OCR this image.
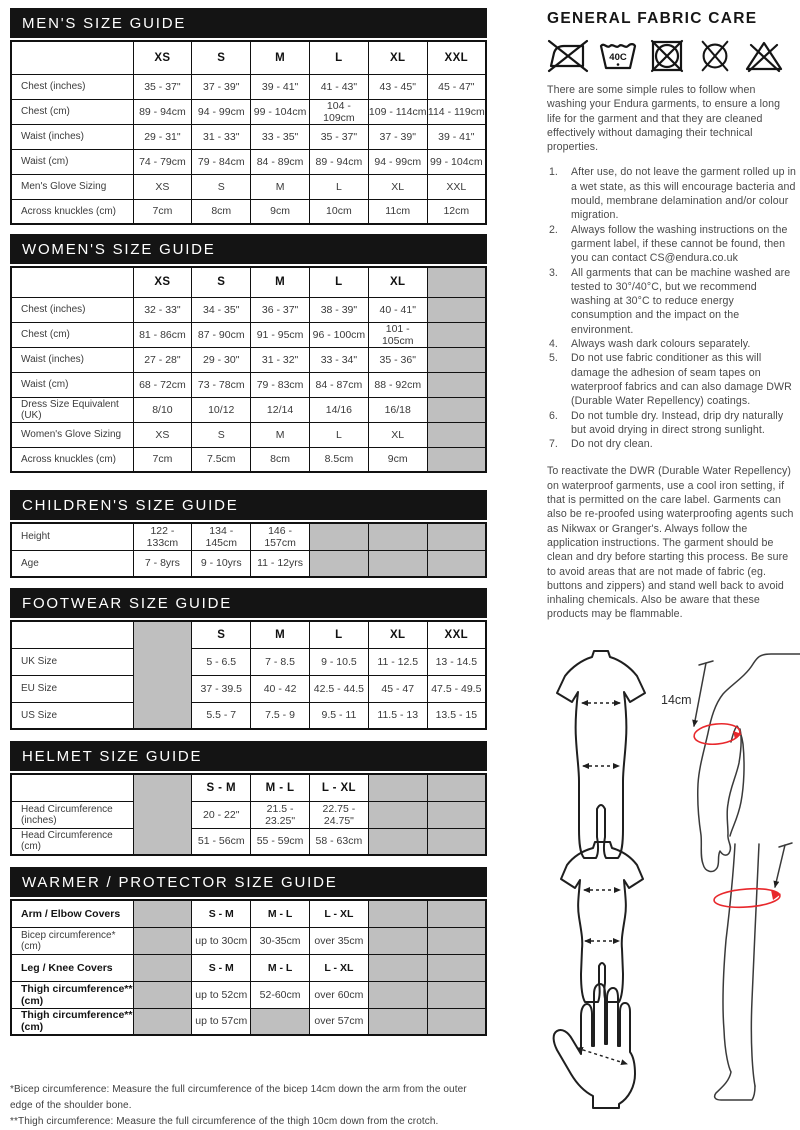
MEN'S SIZE GUIDE
	XS	S	M	L	XL	XXL
Chest (inches)	35 - 37"	37 - 39"	39 - 41"	41 - 43"	43 - 45"	45 - 47"
Chest (cm)	89 - 94cm	94 - 99cm	99 - 104cm	104 - 109cm	109 - 114cm	114 - 119cm
Waist (inches)	29 - 31"	31 - 33"	33 - 35"	35 - 37"	37 - 39"	39 - 41"
Waist (cm)	74 - 79cm	79 - 84cm	84 - 89cm	89 - 94cm	94 - 99cm	99 - 104cm
Men's Glove Sizing	XS	S	M	L	XL	XXL
Across knuckles (cm)	7cm	8cm	9cm	10cm	11cm	12cm
WOMEN'S SIZE GUIDE
	XS	S	M	L	XL	
Chest (inches)	32 - 33"	34 - 35"	36 - 37"	38 - 39"	40 - 41"	
Chest (cm)	81 - 86cm	87 - 90cm	91 - 95cm	96 - 100cm	101 - 105cm	
Waist (inches)	27 - 28"	29 - 30"	31 - 32"	33 - 34"	35 - 36"	
Waist (cm)	68 - 72cm	73 - 78cm	79 - 83cm	84 - 87cm	88 - 92cm	
Dress Size Equivalent (UK)	8/10	10/12	12/14	14/16	16/18	
Women's Glove Sizing	XS	S	M	L	XL	
Across knuckles (cm)	7cm	7.5cm	8cm	8.5cm	9cm	
CHILDREN'S SIZE GUIDE
Height	122 - 133cm	134 - 145cm	146 - 157cm			
Age	7 - 8yrs	9 - 10yrs	11 - 12yrs			
FOOTWEAR SIZE GUIDE
		S	M	L	XL	XXL
UK Size		5 - 6.5	7 - 8.5	9 - 10.5	11 - 12.5	13 - 14.5
EU Size		37 - 39.5	40 - 42	42.5 - 44.5	45 - 47	47.5 - 49.5
US Size		5.5 - 7	7.5 - 9	9.5 - 11	11.5 - 13	13.5 - 15
HELMET SIZE GUIDE
		S - M	M - L	L - XL		
Head Circumference (inches)		20 - 22"	21.5 - 23.25"	22.75 - 24.75"		
Head Circumference (cm)		51 - 56cm	55 - 59cm	58 - 63cm		
WARMER / PROTECTOR SIZE GUIDE
Arm / Elbow Covers		S - M	M - L	L - XL		
Bicep circumference* (cm)		up to 30cm	30-35cm	over 35cm		
Leg / Knee Covers		S - M	M - L	L - XL		
Thigh circumference** (cm)		up to 52cm	52-60cm	over 60cm		
Thigh circumference** (cm)		up to 57cm		over 57cm		

*Bicep circumference: Measure the full circumference of the bicep 14cm down the arm from the outer edge of the shoulder bone.

**Thigh circumference: Measure the full circumference of the thigh 10cm down from the crotch.

GENERAL FABRIC CARE
40C

There are some simple rules to follow when washing your Endura garments, to ensure a long life for the garment and that they are cleaned effectively without damaging their technical properties.

1.	After use, do not leave the garment rolled up in a wet state, as this will encourage bacteria and mould, membrane delamination and/or colour migration.
2.	Always follow the washing instructions on the garment label, if these cannot be found, then you can contact CS@endura.co.uk
3.	All garments that can be machine washed are tested to 30°/40°C, but we recommend washing at 30°C to reduce energy consumption and the impact on the environment.
4.	Always wash dark colours separately.
5.	Do not use fabric conditioner as this will damage the adhesion of seam tapes on waterproof fabrics and can also damage DWR (Durable Water Repellency) coatings.
6.	Do not tumble dry. Instead, drip dry naturally but avoid drying in direct strong sunlight.
7.	Do not dry clean.

To reactivate the DWR (Durable Water Repellency) on waterproof garments, use a cool iron setting, if that is permitted on the care label. Garments can also be re-proofed using waterproofing agents such as Nikwax or Granger's. Always follow the application instructions. The garment should be clean and dry before starting this process. Be sure to avoid areas that are not made of fabric (eg. buttons and zippers) and stand well back to avoid inhaling chemicals. Also be aware that these products may be flammable.

14cm
